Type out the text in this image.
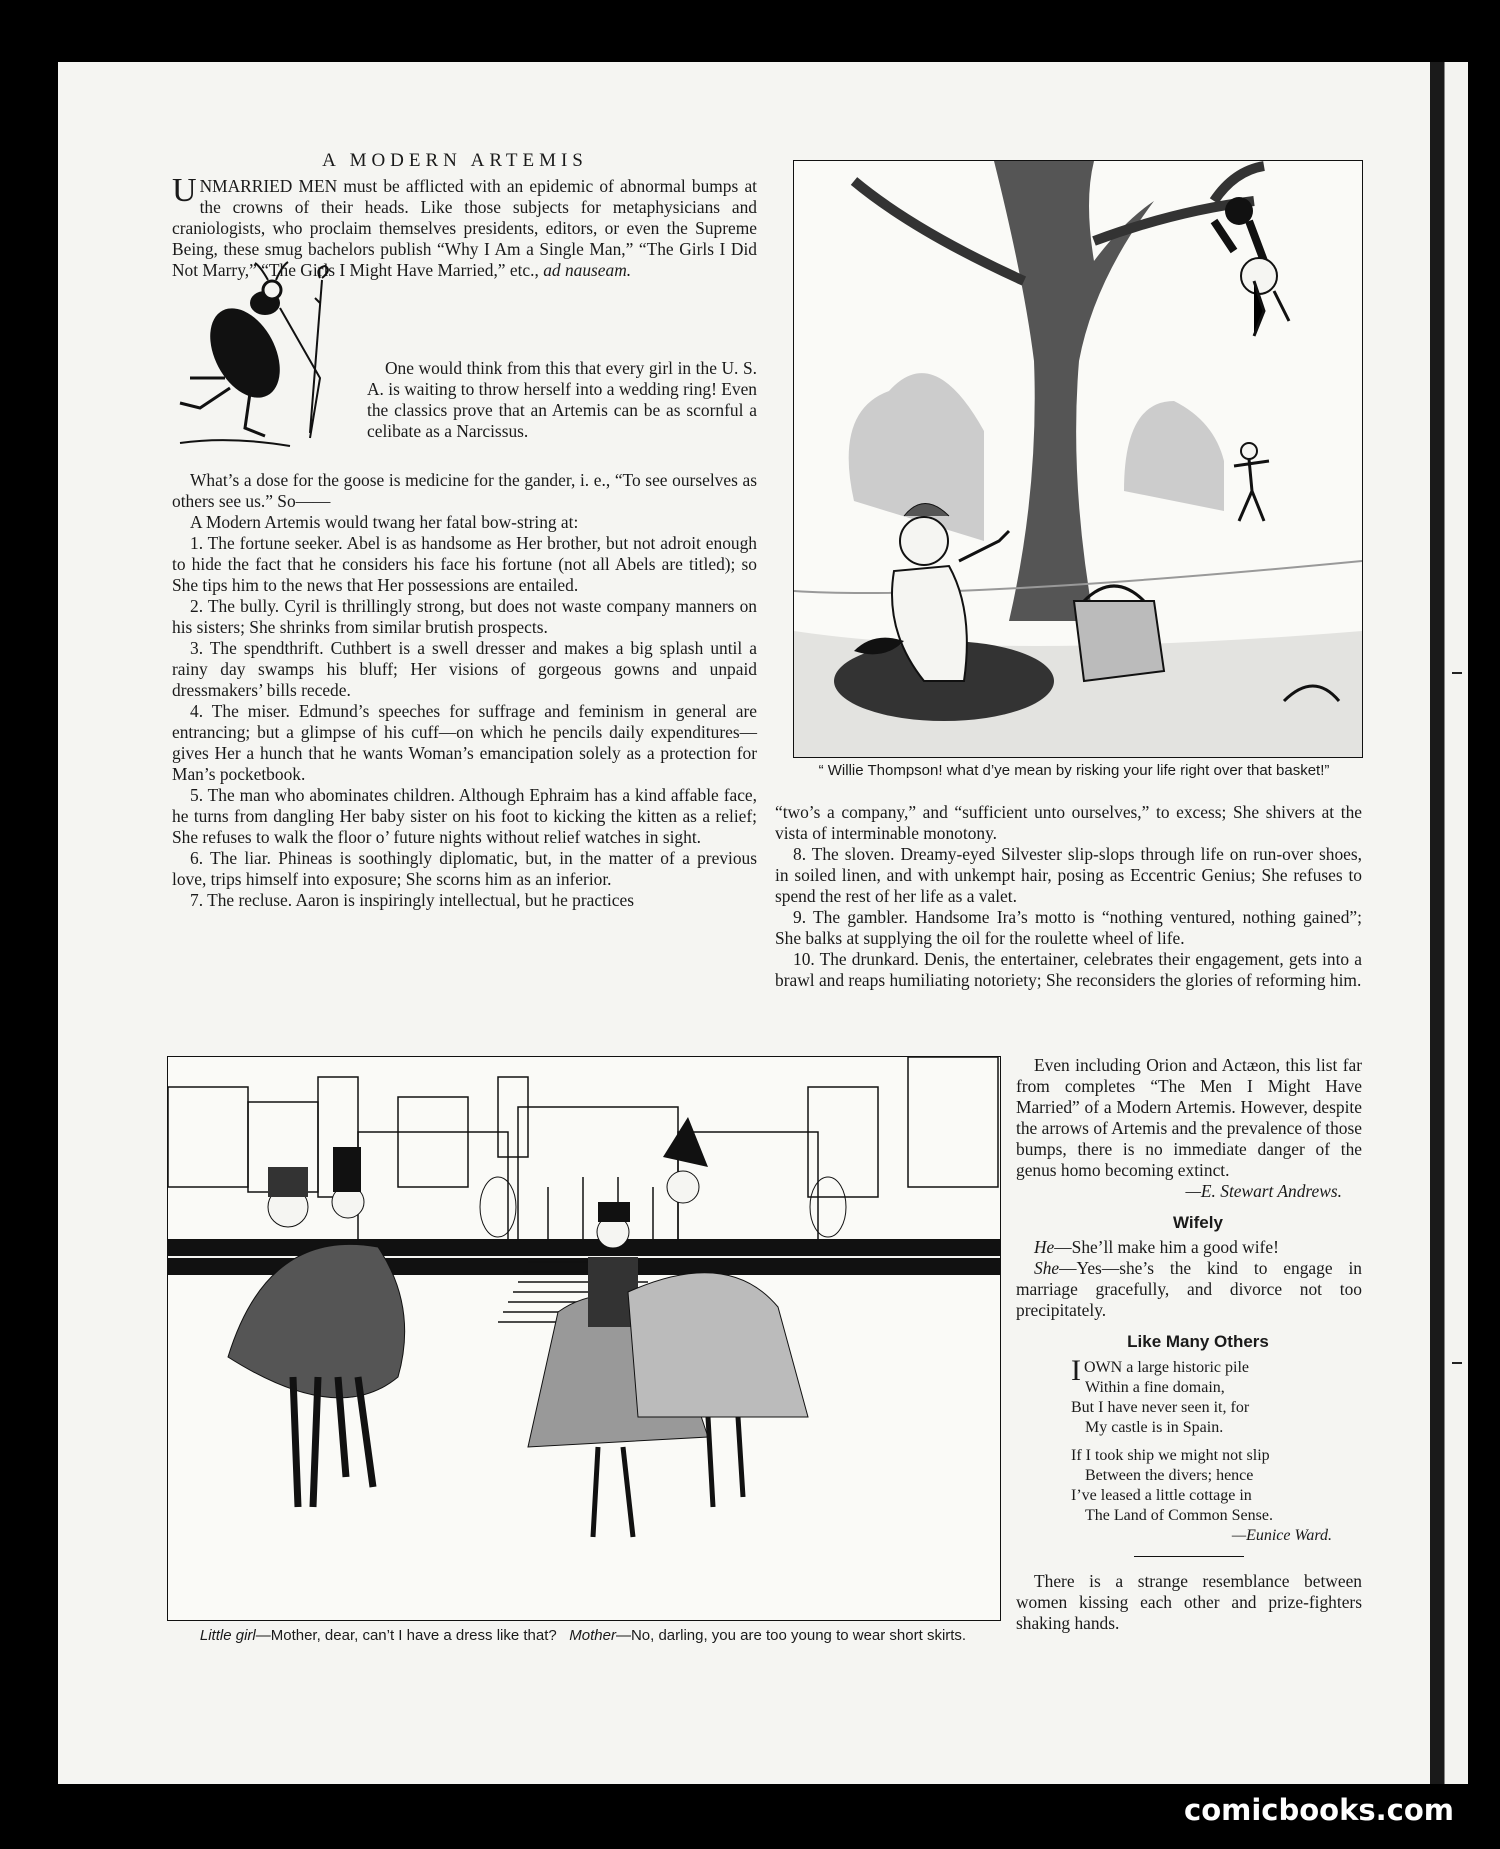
A MODERN ARTEMIS
UNMARRIED MEN must be afflicted with an epidemic of abnormal bumps at the crowns of their heads. Like those subjects for metaphysicians and craniologists, who proclaim themselves presidents, editors, or even the Supreme Being, these smug bachelors publish “Why I Am a Single Man,” “The Girls I Did Not Marry,” “The Girls I Might Have Married,” etc., ad nauseam.

One would think from this that every girl in the U. S. A. is waiting to throw herself into a wedding ring! Even the classics prove that an Artemis can be as scornful a celibate as a Narcissus.

What’s a dose for the goose is medicine for the gander, i. e., “To see ourselves as others see us.” So——

A Modern Artemis would twang her fatal bow-string at:

1. The fortune seeker. Abel is as handsome as Her brother, but not adroit enough to hide the fact that he considers his face his fortune (not all Abels are titled); so She tips him to the news that Her possessions are entailed.

2. The bully. Cyril is thrillingly strong, but does not waste company manners on his sisters; She shrinks from similar brutish prospects.

3. The spendthrift. Cuthbert is a swell dresser and makes a big splash until a rainy day swamps his bluff; Her visions of gorgeous gowns and unpaid dressmakers’ bills recede.

4. The miser. Edmund’s speeches for suffrage and feminism in general are entrancing; but a glimpse of his cuff—on which he pencils daily expenditures—gives Her a hunch that he wants Woman’s emancipation solely as a protection for Man’s pocketbook.

5. The man who abominates children. Although Ephraim has a kind affable face, he turns from dangling Her baby sister on his foot to kicking the kitten as a relief; She refuses to walk the floor o’ future nights without relief watches in sight.

6. The liar. Phineas is soothingly diplomatic, but, in the matter of a previous love, trips himself into exposure; She scorns him as an inferior.

7. The recluse. Aaron is inspiringly intellectual, but he practices

“ Willie Thompson! what d’ye mean by risking your life right over that basket!”

“two’s a company,” and “sufficient unto ourselves,” to excess; She shivers at the vista of interminable monotony.

8. The sloven. Dreamy-eyed Silvester slip-slops through life on run-over shoes, in soiled linen, and with unkempt hair, posing as Eccentric Genius; She refuses to spend the rest of her life as a valet.

9. The gambler. Handsome Ira’s motto is “nothing ventured, nothing gained”; She balks at supplying the oil for the roulette wheel of life.

10. The drunkard. Denis, the entertainer, celebrates their engagement, gets into a brawl and reaps humiliating notoriety; She reconsiders the glories of reforming him.

Even including Orion and Actæon, this list far from completes “The Men I Might Have Married” of a Modern Artemis. However, despite the arrows of Artemis and the prevalence of those bumps, there is no immediate danger of the genus homo becoming extinct.

—E. Stewart Andrews.

Wifely

He—She’ll make him a good wife!

She—Yes—she’s the kind to engage in marriage gracefully, and divorce not too precipitately.

Like Many Others

IOWN a large historic pile
Within a fine domain,
But I have never seen it, for
My castle is in Spain.
If I took ship we might not slip
Between the divers; hence
I’ve leased a little cottage in
The Land of Common Sense.
—Eunice Ward.

There is a strange resemblance between women kissing each other and prize-fighters shaking hands.

Little girl—Mother, dear, can’t I have a dress like that? Mother—No, darling, you are too young to wear short skirts.
comicbooks.com
